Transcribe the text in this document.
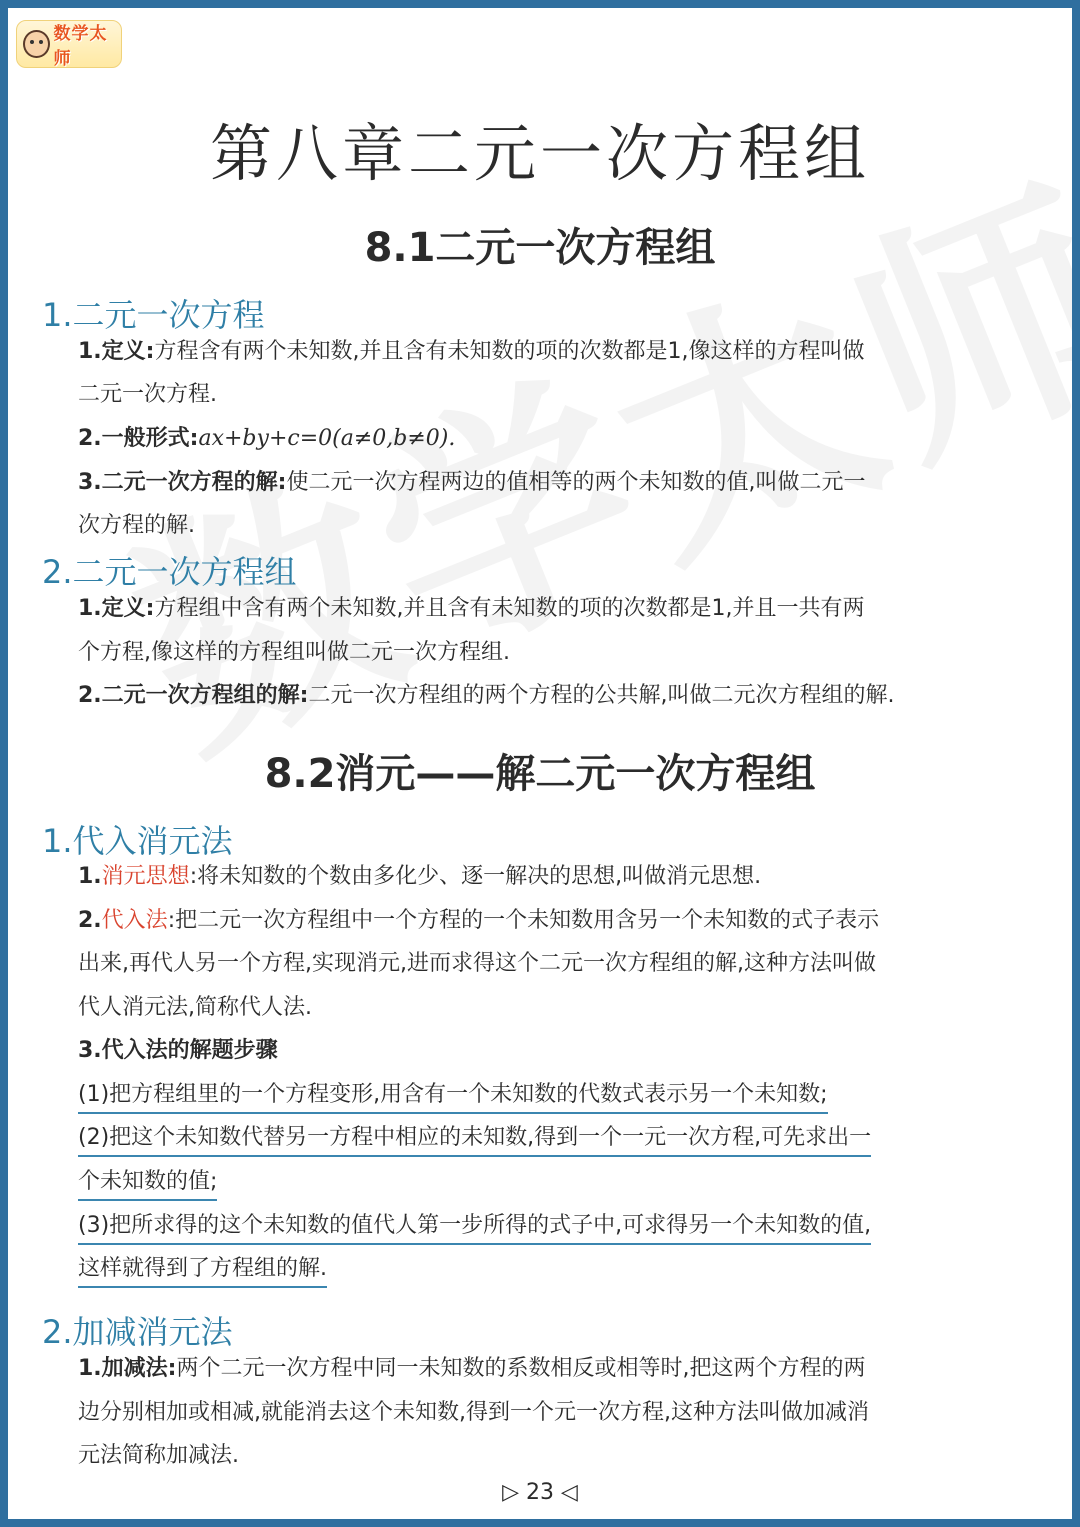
数学太师
第八章二元一次方程组
8.1二元一次方程组
1.二元一次方程
1.定义:方程含有两个未知数,并且含有未知数的项的次数都是1,像这样的方程叫做
二元一次方程.
2.一般形式:ax+by+c=0(a≠0,b≠0).
3.二元一次方程的解:使二元一次方程两边的值相等的两个未知数的值,叫做二元一
次方程的解.
2.二元一次方程组
1.定义:方程组中含有两个未知数,并且含有未知数的项的次数都是1,并且一共有两
个方程,像这样的方程组叫做二元一次方程组.
2.二元一次方程组的解:二元一次方程组的两个方程的公共解,叫做二元次方程组的解.
8.2消元——解二元一次方程组
1.代入消元法
1.消元思想:将未知数的个数由多化少、逐一解决的思想,叫做消元思想.
2.代入法:把二元一次方程组中一个方程的一个未知数用含另一个未知数的式子表示
出来,再代人另一个方程,实现消元,进而求得这个二元一次方程组的解,这种方法叫做
代人消元法,简称代人法.
3.代入法的解题步骤
(1)把方程组里的一个方程变形,用含有一个未知数的代数式表示另一个未知数;
(2)把这个未知数代替另一方程中相应的未知数,得到一个一元一次方程,可先求出一
个未知数的值;
(3)把所求得的这个未知数的值代人第一步所得的式子中,可求得另一个未知数的值,
这样就得到了方程组的解.
2.加减消元法
1.加减法:两个二元一次方程中同一未知数的系数相反或相等时,把这两个方程的两
边分别相加或相减,就能消去这个未知数,得到一个元一次方程,这种方法叫做加减消
元法简称加减法.
▷ 23 ◁
